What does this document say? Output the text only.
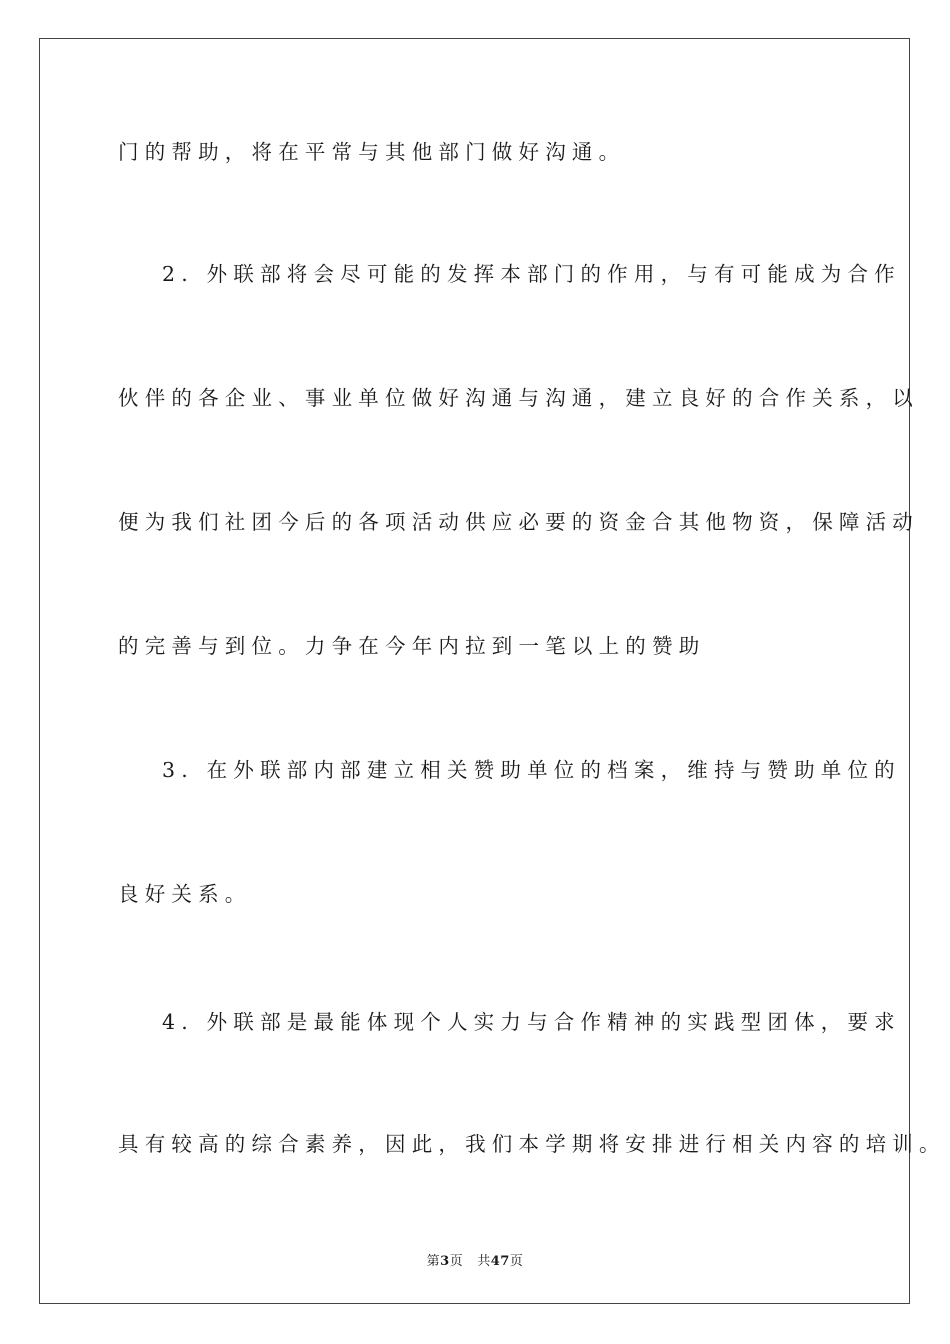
门的帮助，将在平常与其他部门做好沟通。
2. 外联部将会尽可能的发挥本部门的作用，与有可能成为合作
伙伴的各企业、事业单位做好沟通与沟通，建立良好的合作关系，以
便为我们社团今后的各项活动供应必要的资金合其他物资，保障活动
的完善与到位。力争在今年内拉到一笔以上的赞助
3. 在外联部内部建立相关赞助单位的档案，维持与赞助单位的
良好关系。
4. 外联部是最能体现个人实力与合作精神的实践型团体，要求
具有较高的综合素养，因此，我们本学期将安排进行相关内容的培训。
第3页 共47页
